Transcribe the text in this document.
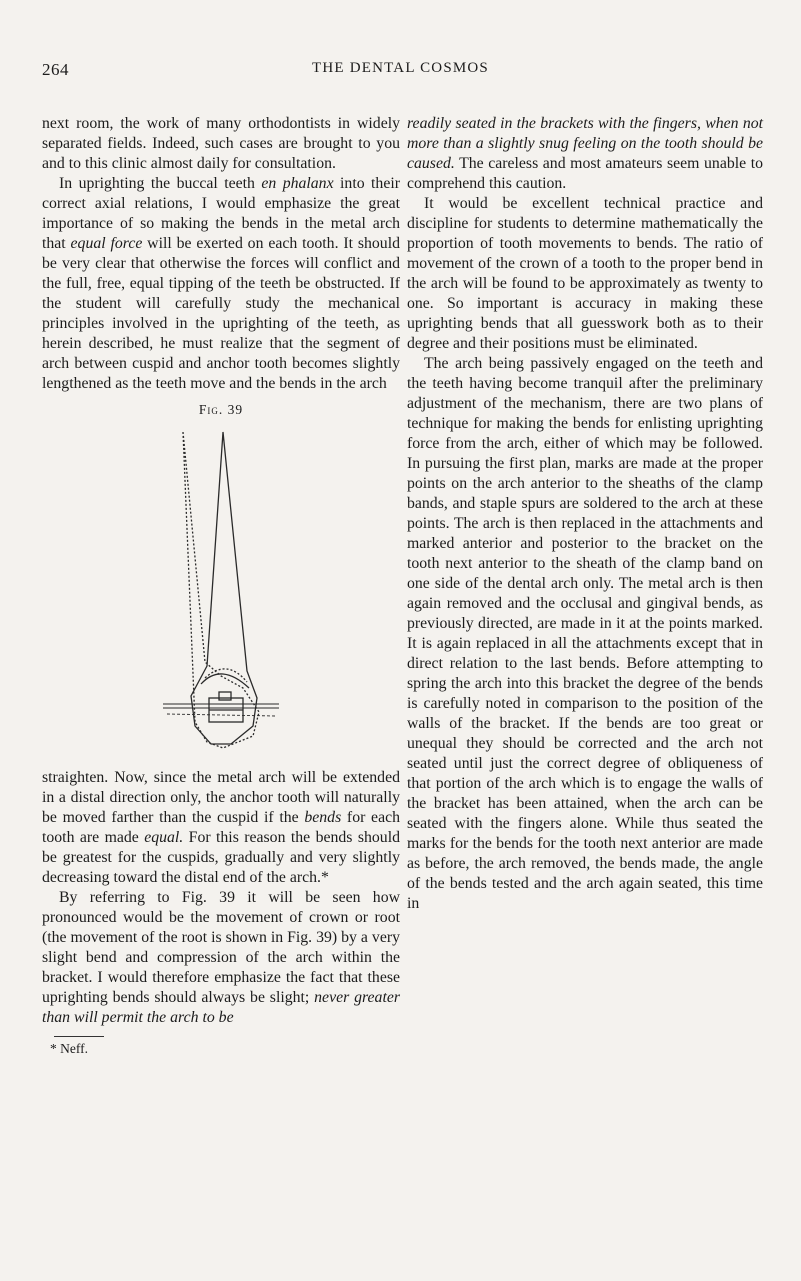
264	THE DENTAL COSMOS

next room, the work of many orthodontists in widely separated fields. Indeed, such cases are brought to you and to this clinic almost daily for consultation.

In uprighting the buccal teeth en phalanx into their correct axial relations, I would emphasize the great importance of so making the bends in the metal arch that equal force will be exerted on each tooth. It should be very clear that otherwise the forces will conflict and the full, free, equal tipping of the teeth be obstructed. If the student will carefully study the mechanical principles involved in the uprighting of the teeth, as herein described, he must realize that the segment of arch between cuspid and anchor tooth becomes slightly lengthened as the teeth move and the bends in the arch

Fig. 39

straighten. Now, since the metal arch will be extended in a distal direction only, the anchor tooth will naturally be moved farther than the cuspid if the bends for each tooth are made equal. For this reason the bends should be greatest for the cuspids, gradually and very slightly decreasing toward the distal end of the arch.*

By referring to Fig. 39 it will be seen how pronounced would be the movement of crown or root (the movement of the root is shown in Fig. 39) by a very slight bend and compression of the arch within the bracket. I would therefore emphasize the fact that these uprighting bends should always be slight; never greater than will permit the arch to be

* Neff.

readily seated in the brackets with the fingers, when not more than a slightly snug feeling on the tooth should be caused. The careless and most amateurs seem unable to comprehend this caution.

It would be excellent technical practice and discipline for students to determine mathematically the proportion of tooth movements to bends. The ratio of movement of the crown of a tooth to the proper bend in the arch will be found to be approximately as twenty to one. So important is accuracy in making these uprighting bends that all guesswork both as to their degree and their positions must be eliminated.

The arch being passively engaged on the teeth and the teeth having become tranquil after the preliminary adjustment of the mechanism, there are two plans of technique for making the bends for enlisting uprighting force from the arch, either of which may be followed. In pursuing the first plan, marks are made at the proper points on the arch anterior to the sheaths of the clamp bands, and staple spurs are soldered to the arch at these points. The arch is then replaced in the attachments and marked anterior and posterior to the bracket on the tooth next anterior to the sheath of the clamp band on one side of the dental arch only. The metal arch is then again removed and the occlusal and gingival bends, as previously directed, are made in it at the points marked. It is again replaced in all the attachments except that in direct relation to the last bends. Before attempting to spring the arch into this bracket the degree of the bends is carefully noted in comparison to the position of the walls of the bracket. If the bends are too great or unequal they should be corrected and the arch not seated until just the correct degree of obliqueness of that portion of the arch which is to engage the walls of the bracket has been attained, when the arch can be seated with the fingers alone. While thus seated the marks for the bends for the tooth next anterior are made as before, the arch removed, the bends made, the angle of the bends tested and the arch again seated, this time in
